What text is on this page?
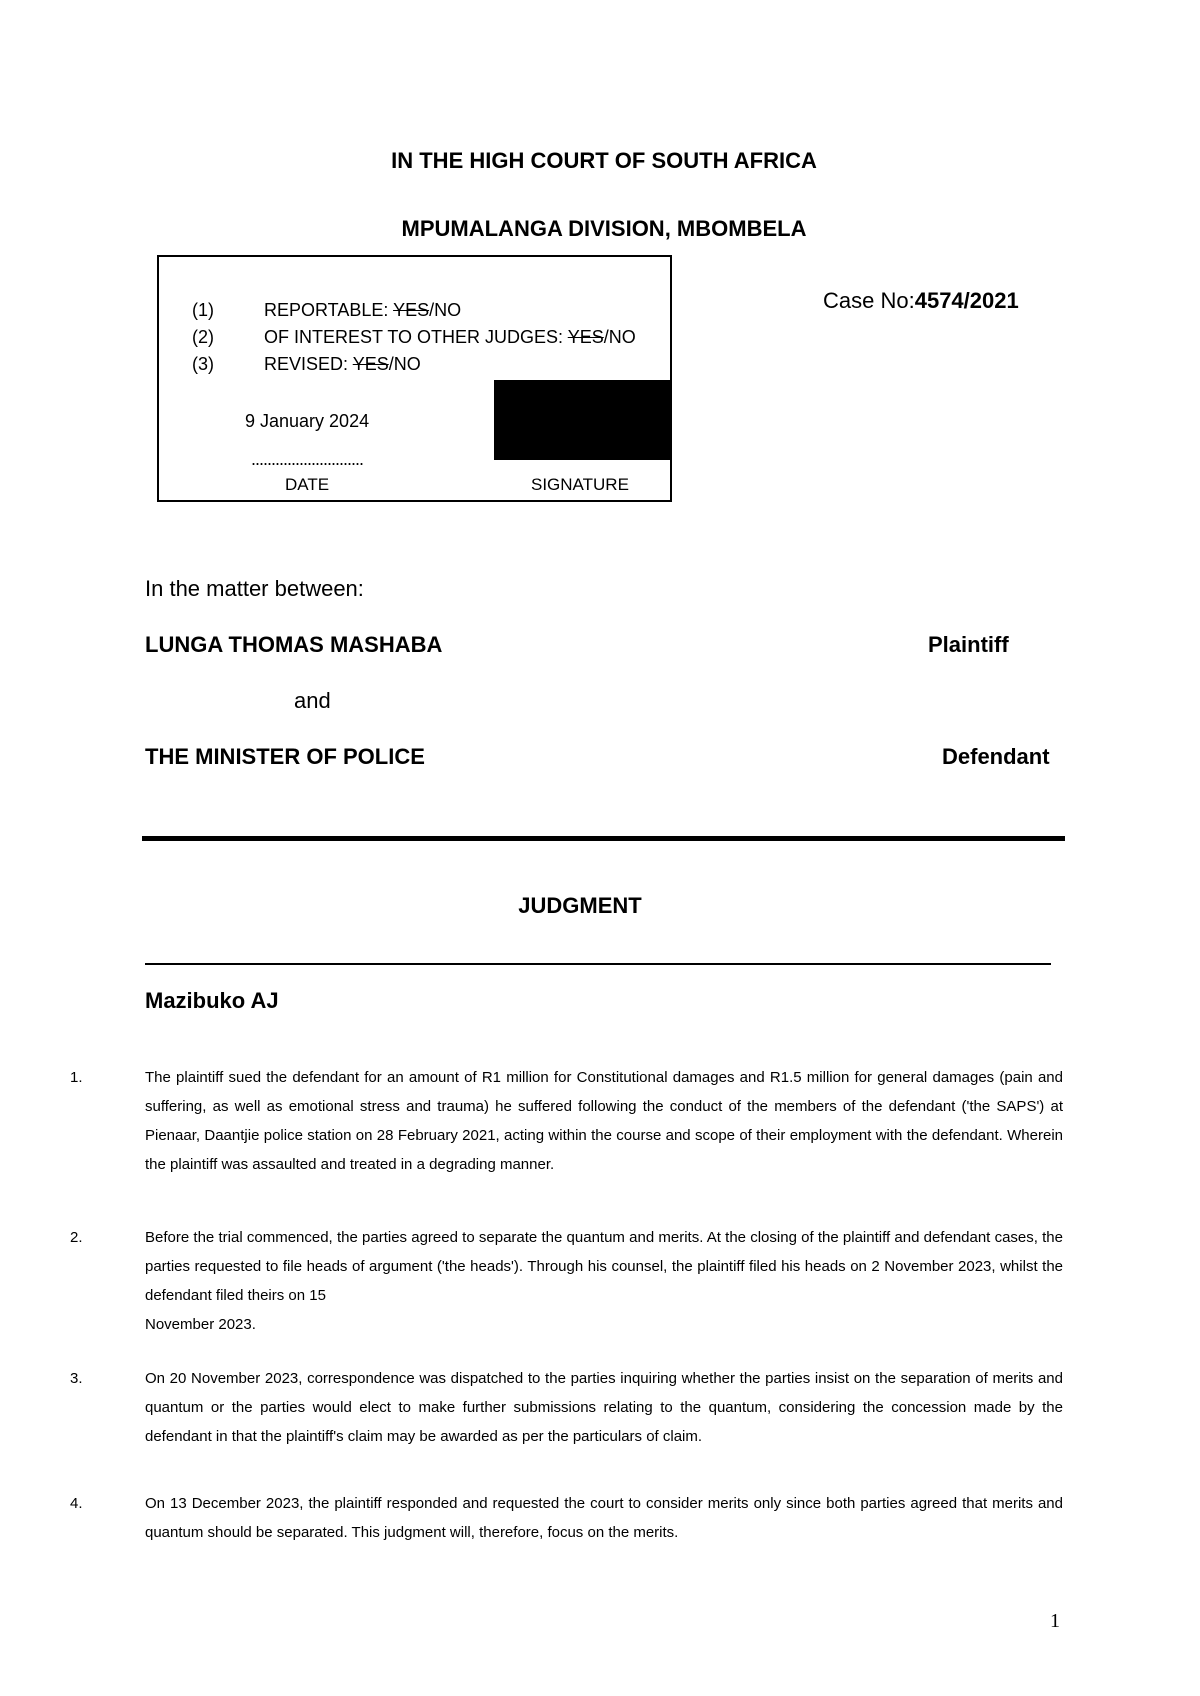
IN THE HIGH COURT OF SOUTH AFRICA
MPUMALANGA DIVISION, MBOMBELA
(1)	REPORTABLE: YES/NO
(2)	OF INTEREST TO OTHER JUDGES: YES/NO
(3)	REVISED: YES/NO
9 January 2024
............................
DATE	SIGNATURE
Case No:4574/2021
In the matter between:
LUNGA THOMAS MASHABA	Plaintiff
and
THE MINISTER OF POLICE	Defendant
JUDGMENT
Mazibuko AJ
1.	The plaintiff sued the defendant for an amount of R1 million for Constitutional damages and R1.5 million for general damages (pain and suffering, as well as emotional stress and trauma) he suffered following the conduct of the members of the defendant ('the SAPS') at Pienaar, Daantjie police station on 28 February 2021, acting within the course and scope of their employment with the defendant. Wherein the plaintiff was assaulted and treated in a degrading manner.
2.	Before the trial commenced, the parties agreed to separate the quantum and merits. At the closing of the plaintiff and defendant cases, the parties requested to file heads of argument ('the heads'). Through his counsel, the plaintiff filed his heads on 2 November 2023, whilst the defendant filed theirs on 15
November 2023.
3.	On 20 November 2023, correspondence was dispatched to the parties inquiring whether the parties insist on the separation of merits and quantum or the parties would elect to make further submissions relating to the quantum, considering the concession made by the defendant in that the plaintiff's claim may be awarded as per the particulars of claim.
4.	On 13 December 2023, the plaintiff responded and requested the court to consider merits only since both parties agreed that merits and quantum should be separated. This judgment will, therefore, focus on the merits.
1
